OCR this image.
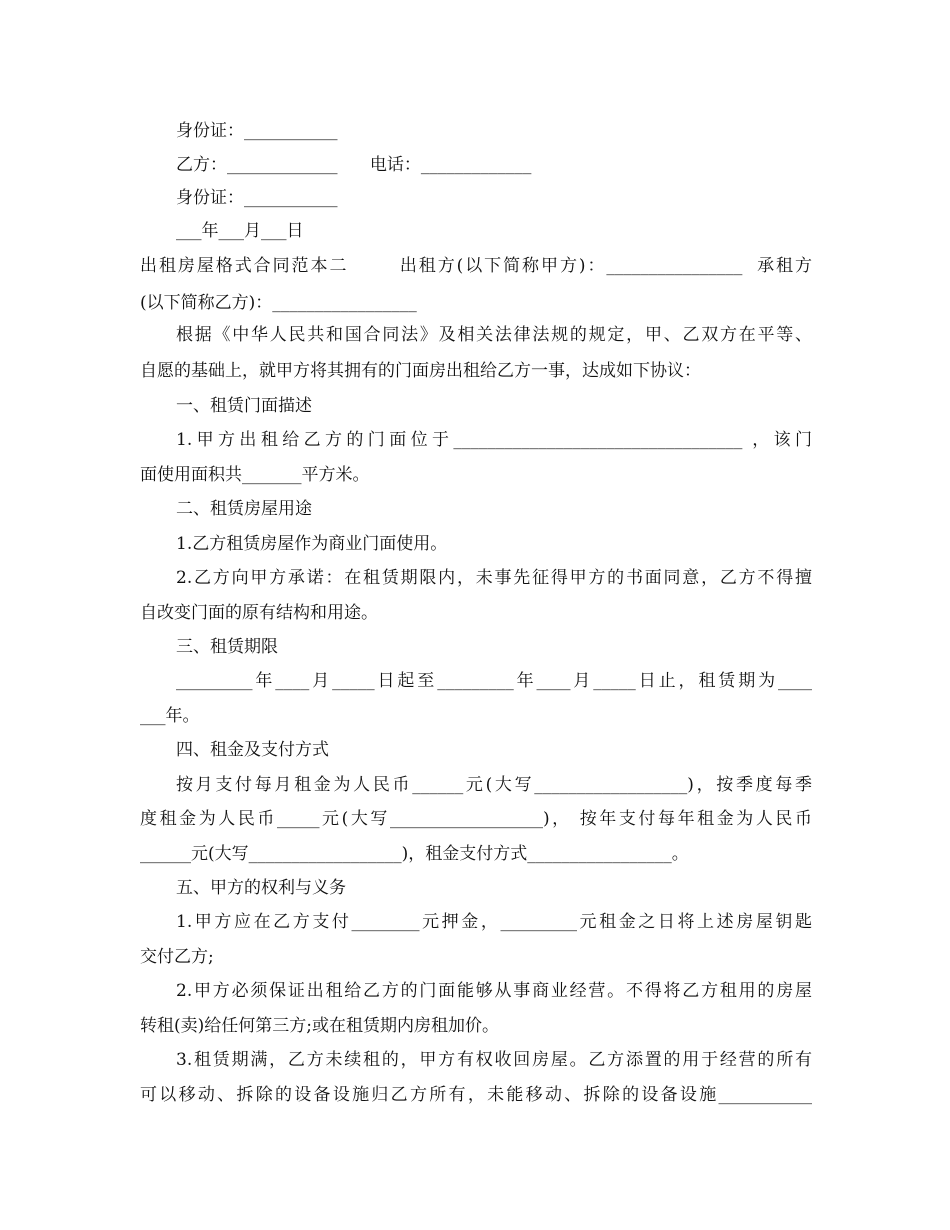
身份证：___________
乙方：_____________      电话：_____________
身份证：___________
___年___月___日
出租房屋格式合同范本二       出租方(以下简称甲方)：________________  承租方
(以下简称乙方)：_________________
根据《中华人民共和国合同法》及相关法律法规的规定，甲、乙双方在平等、
自愿的基础上，就甲方将其拥有的门面房出租给乙方一事，达成如下协议：
一、租赁门面描述
1.甲方出租给乙方的门面位于__________________________________ ，该门
面使用面积共_______平方米。
二、租赁房屋用途
1.乙方租赁房屋作为商业门面使用。
2.乙方向甲方承诺：在租赁期限内，未事先征得甲方的书面同意，乙方不得擅
自改变门面的原有结构和用途。
三、租赁期限
_________年____月_____日起至_________年____月_____日止，租赁期为____
___年。
四、租金及支付方式
按月支付每月租金为人民币______元(大写__________________)，按季度每季
度租金为人民币_____元(大写__________________)， 按年支付每年租金为人民币
______元(大写__________________)，租金支付方式_________________。
五、甲方的权利与义务
1.甲方应在乙方支付________元押金，_________元租金之日将上述房屋钥匙
交付乙方;
2.甲方必须保证出租给乙方的门面能够从事商业经营。不得将乙方租用的房屋
转租(卖)给任何第三方;或在租赁期内房租加价。
3.租赁期满，乙方未续租的，甲方有权收回房屋。乙方添置的用于经营的所有
可以移动、拆除的设备设施归乙方所有，未能移动、拆除的设备设施___________
